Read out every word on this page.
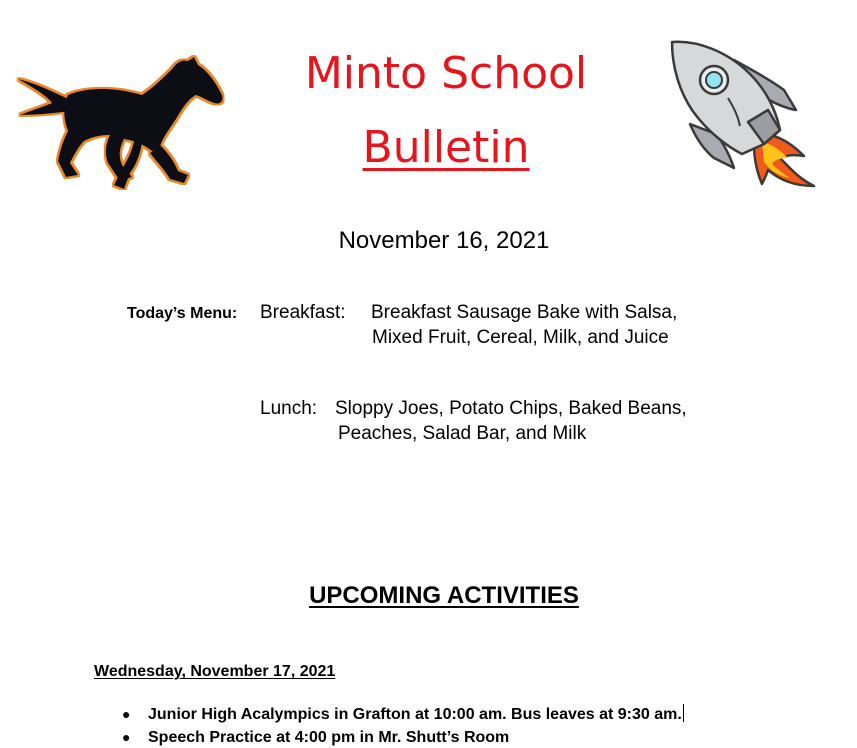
Minto School
Bulletin
November 16, 2021
Today’s Menu: Breakfast: Breakfast Sausage Bake with Salsa,
Mixed Fruit, Cereal, Milk, and Juice
Lunch: Sloppy Joes, Potato Chips, Baked Beans,
Peaches, Salad Bar, and Milk
UPCOMING ACTIVITIES
Wednesday, November 17, 2021
● Junior High Acalympics in Grafton at 10:00 am. Bus leaves at 9:30 am.
● Speech Practice at 4:00 pm in Mr. Shutt’s Room
